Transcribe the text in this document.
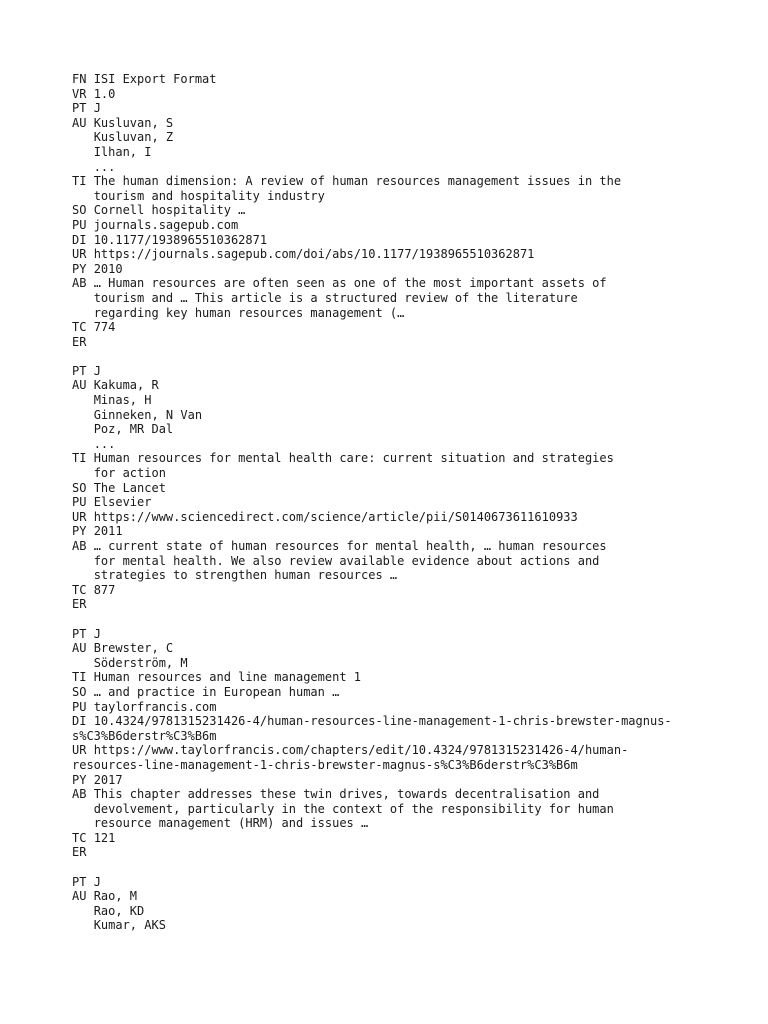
FN ISI Export Format
VR 1.0
PT J
AU Kusluvan, S
Kusluvan, Z
Ilhan, I
...
TI The human dimension: A review of human resources management issues in the
tourism and hospitality industry
SO Cornell hospitality …
PU journals.sagepub.com
DI 10.1177/1938965510362871
UR https://journals.sagepub.com/doi/abs/10.1177/1938965510362871
PY 2010
AB … Human resources are often seen as one of the most important assets of
tourism and … This article is a structured review of the literature
regarding key human resources management (…
TC 774
ER
PT J
AU Kakuma, R
Minas, H
Ginneken, N Van
Poz, MR Dal
...
TI Human resources for mental health care: current situation and strategies
for action
SO The Lancet
PU Elsevier
UR https://www.sciencedirect.com/science/article/pii/S0140673611610933
PY 2011
AB … current state of human resources for mental health, … human resources
for mental health. We also review available evidence about actions and
strategies to strengthen human resources …
TC 877
ER
PT J
AU Brewster, C
Söderström, M
TI Human resources and line management 1
SO … and practice in European human …
PU taylorfrancis.com
DI 10.4324/9781315231426-4/human-resources-line-management-1-chris-brewster-magnus-
s%C3%B6derstr%C3%B6m
UR https://www.taylorfrancis.com/chapters/edit/10.4324/9781315231426-4/human-
resources-line-management-1-chris-brewster-magnus-s%C3%B6derstr%C3%B6m
PY 2017
AB This chapter addresses these twin drives, towards decentralisation and
devolvement, particularly in the context of the responsibility for human
resource management (HRM) and issues …
TC 121
ER
PT J
AU Rao, M
Rao, KD
Kumar, AKS
